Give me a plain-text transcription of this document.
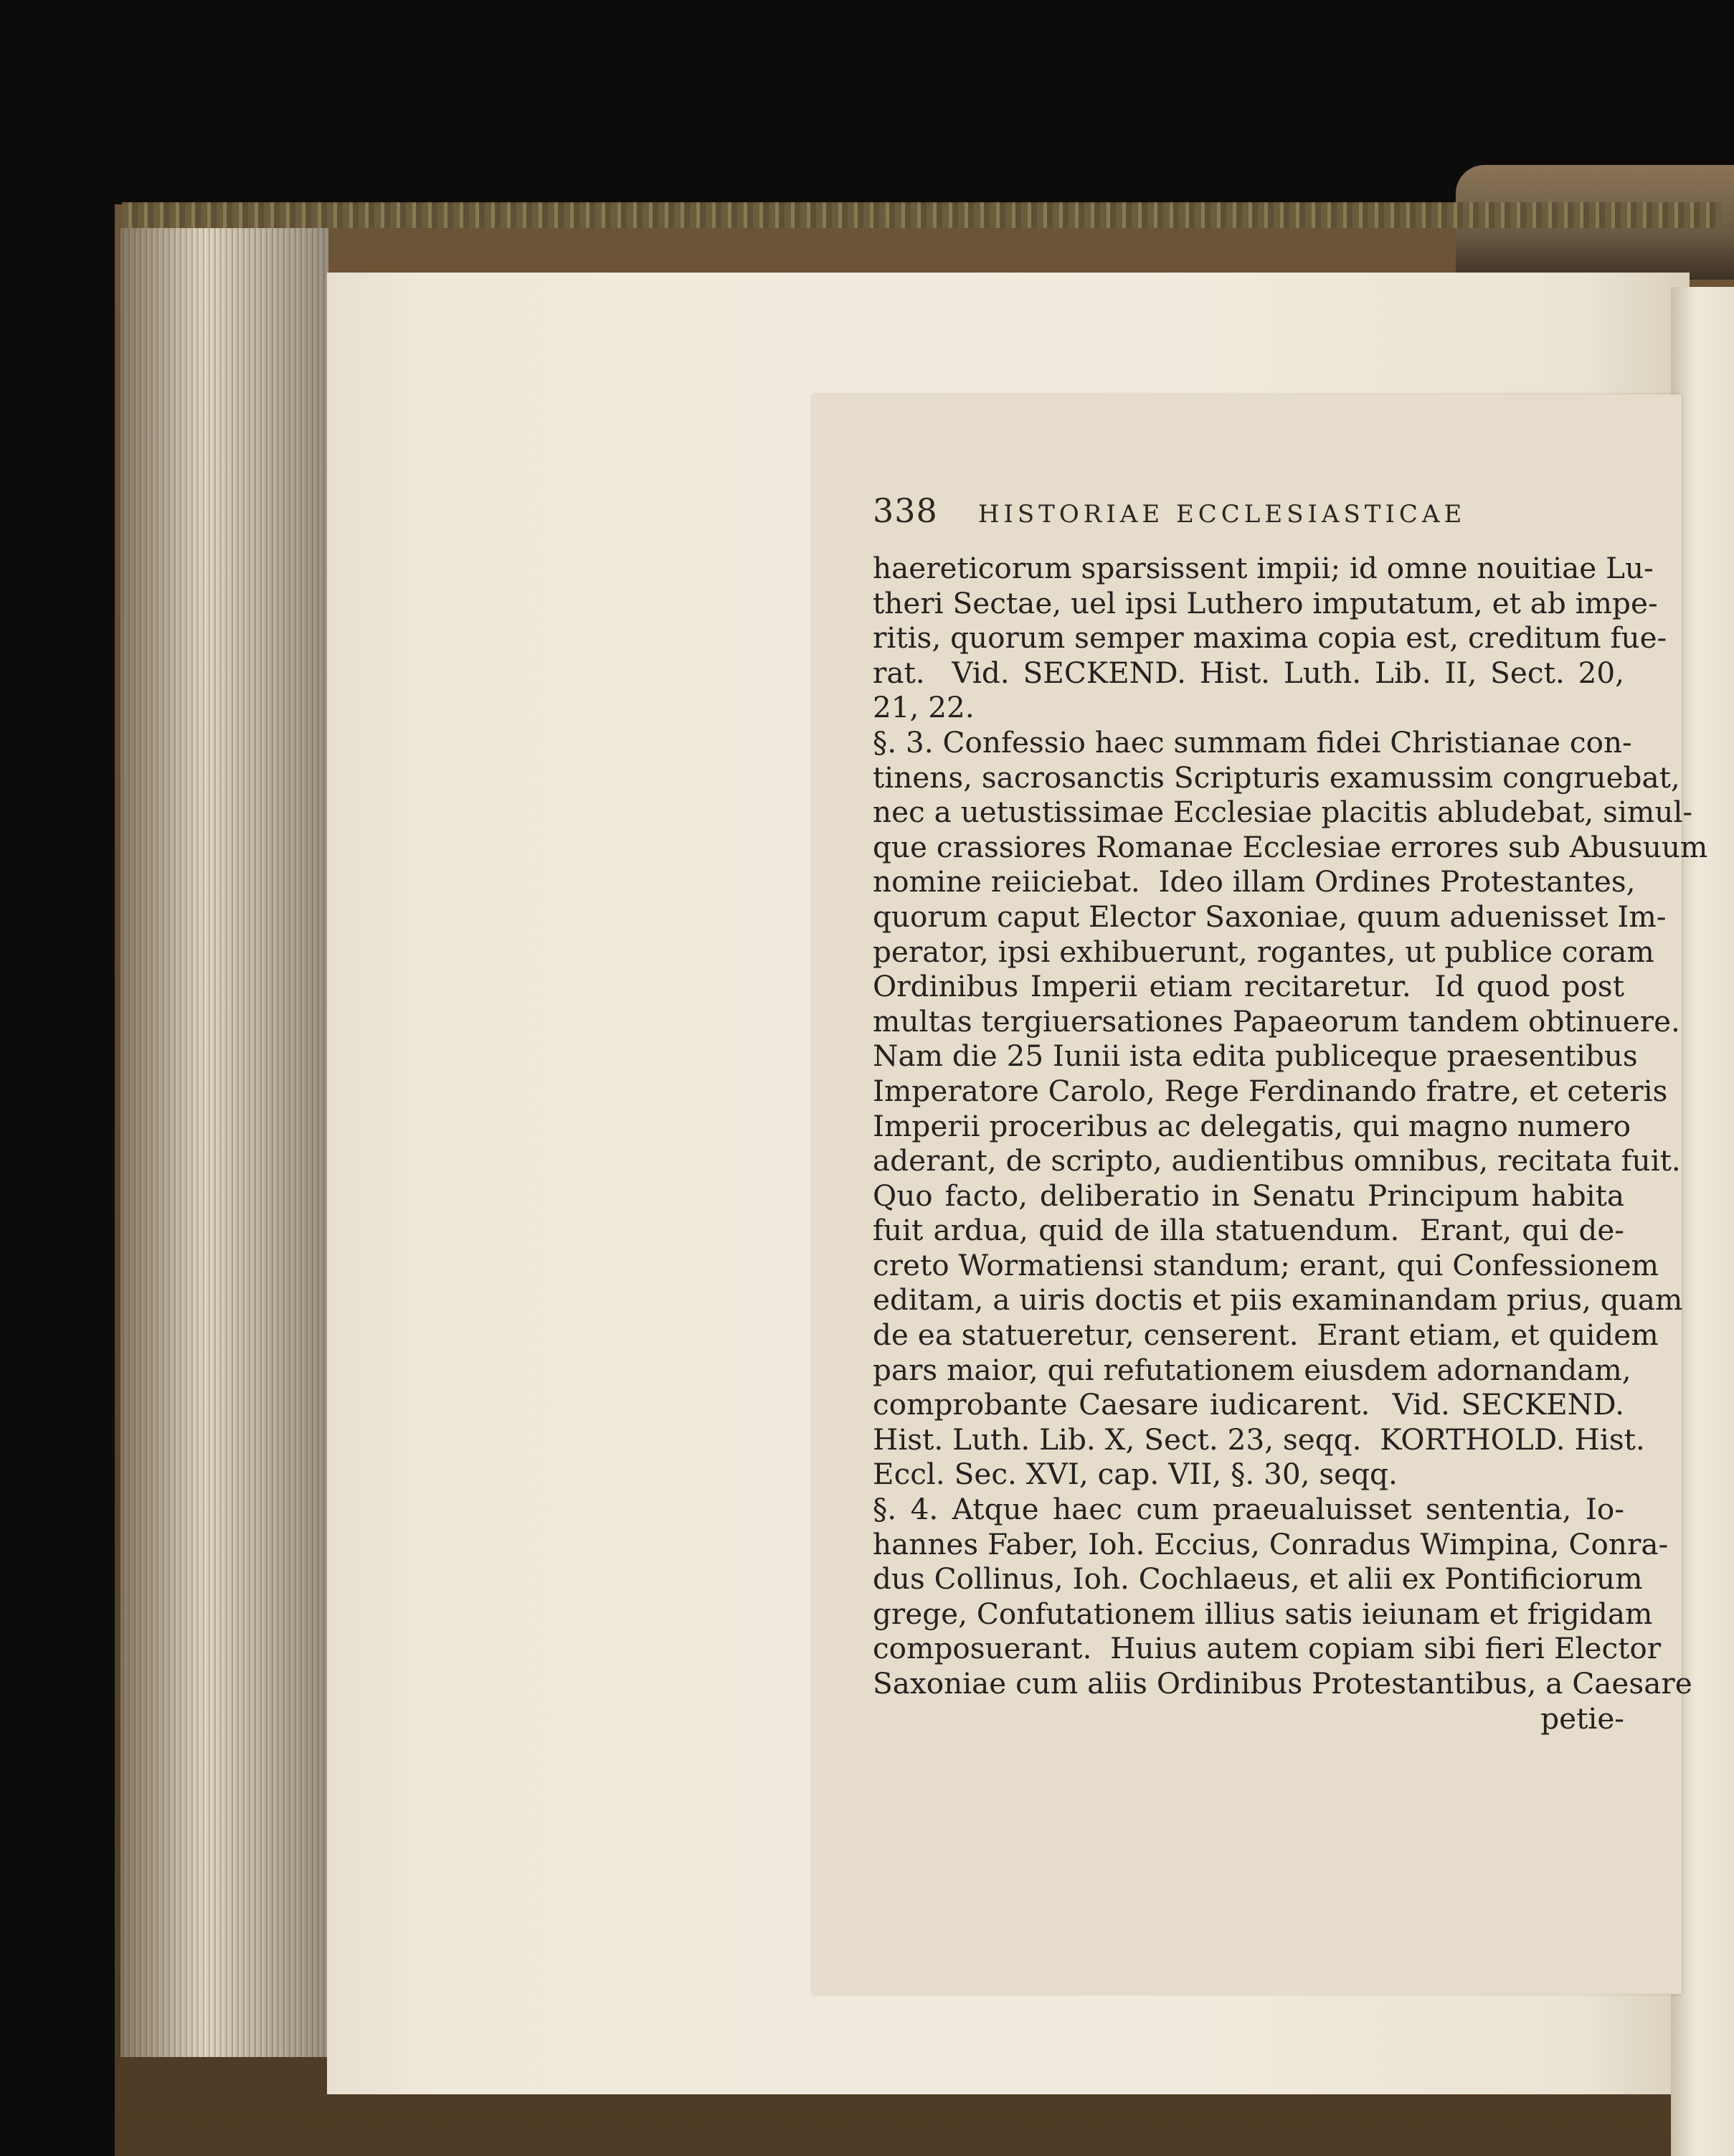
338 HISTORIAE ECCLESIASTICAE
haereticorum sparsissent impii; id omne nouitiae Lu-
theri Sectae, uel ipsi Luthero imputatum, et ab impe-
ritis, quorum semper maxima copia est, creditum fue-
rat.  Vid. SECKEND. Hist. Luth. Lib. II, Sect. 20,
21, 22.
§. 3. Confessio haec summam fidei Christianae con-
tinens, sacrosanctis Scripturis examussim congruebat,
nec a uetustissimae Ecclesiae placitis abludebat, simul-
que crassiores Romanae Ecclesiae errores sub Abusuum
nomine reiiciebat.  Ideo illam Ordines Protestantes,
quorum caput Elector Saxoniae, quum aduenisset Im-
perator, ipsi exhibuerunt, rogantes, ut publice coram
Ordinibus Imperii etiam recitaretur.  Id quod post
multas tergiuersationes Papaeorum tandem obtinuere.
Nam die 25 Iunii ista edita publiceque praesentibus
Imperatore Carolo, Rege Ferdinando fratre, et ceteris
Imperii proceribus ac delegatis, qui magno numero
aderant, de scripto, audientibus omnibus, recitata fuit.
Quo facto, deliberatio in Senatu Principum habita
fuit ardua, quid de illa statuendum.  Erant, qui de-
creto Wormatiensi standum; erant, qui Confessionem
editam, a uiris doctis et piis examinandam prius, quam
de ea statueretur, censerent.  Erant etiam, et quidem
pars maior, qui refutationem eiusdem adornandam,
comprobante Caesare iudicarent.  Vid. SECKEND.
Hist. Luth. Lib. X, Sect. 23, seqq.  KORTHOLD. Hist.
Eccl. Sec. XVI, cap. VII, §. 30, seqq.
§. 4. Atque haec cum praeualuisset sententia, Io-
hannes Faber, Ioh. Eccius, Conradus Wimpina, Conra-
dus Collinus, Ioh. Cochlaeus, et alii ex Pontificiorum
grege, Confutationem illius satis ieiunam et frigidam
composuerant.  Huius autem copiam sibi fieri Elector
Saxoniae cum aliis Ordinibus Protestantibus, a Caesare
petie-
